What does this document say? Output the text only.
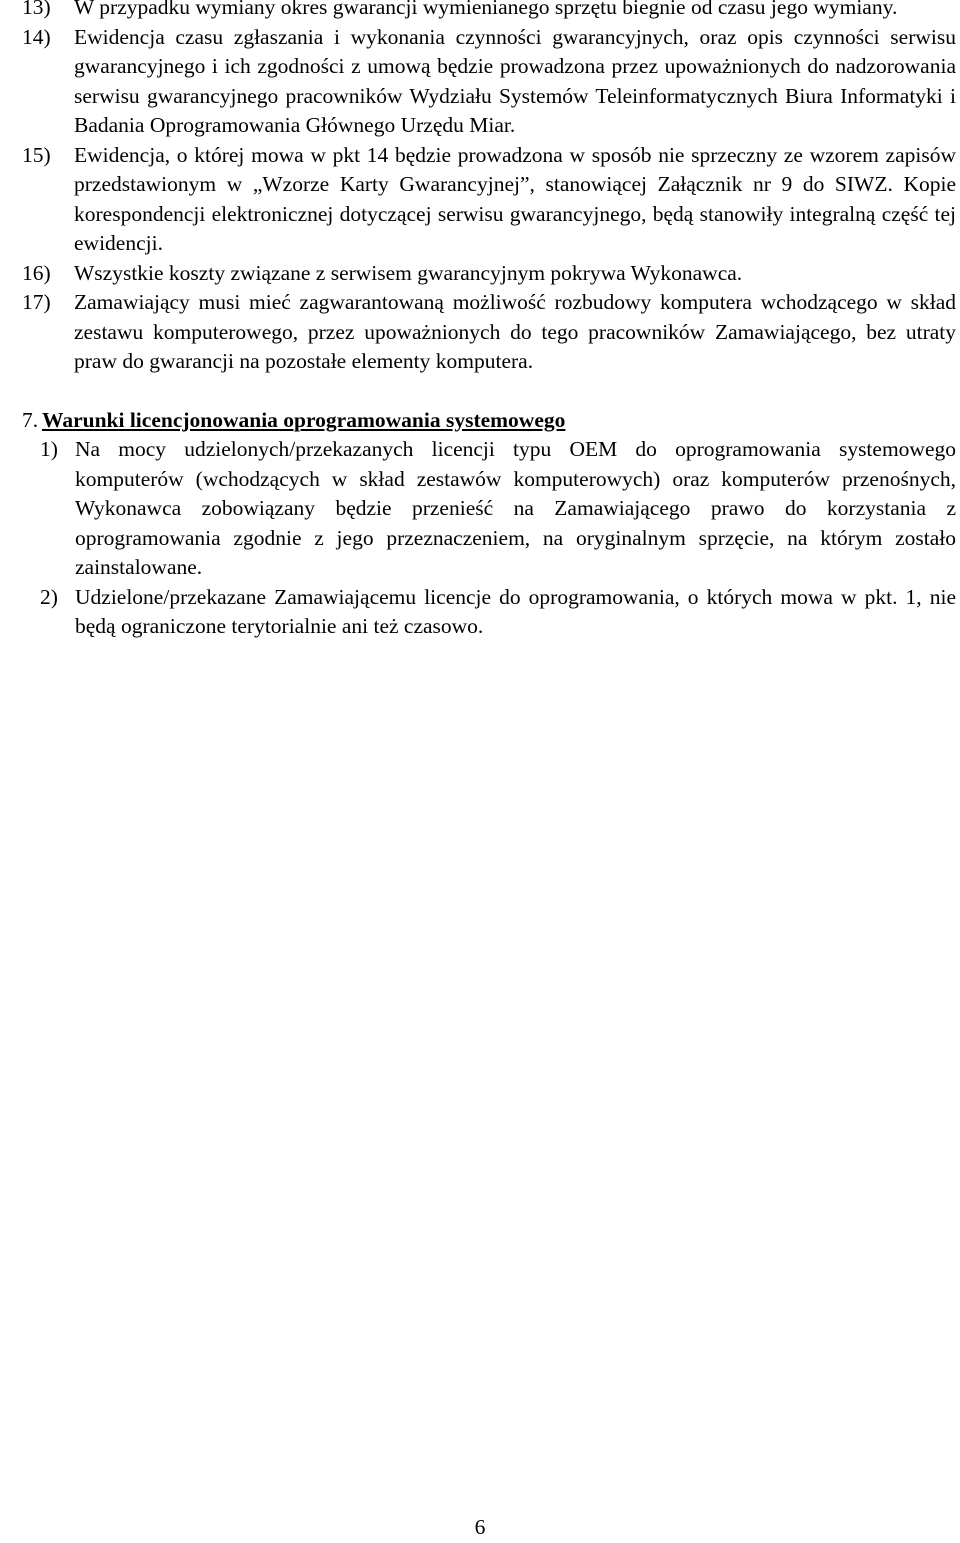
13)	W przypadku wymiany okres gwarancji wymienianego sprzętu biegnie od czasu jego wymiany.
14)	Ewidencja czasu zgłaszania i wykonania czynności gwarancyjnych, oraz opis czynności serwisu gwarancyjnego i ich zgodności z umową będzie prowadzona przez upoważnionych do nadzorowania serwisu gwarancyjnego pracowników Wydziału Systemów Teleinformatycznych Biura Informatyki i Badania Oprogramowania Głównego Urzędu Miar.
15)	Ewidencja, o której mowa w pkt 14 będzie prowadzona w sposób nie sprzeczny ze wzorem zapisów przedstawionym w „Wzorze Karty Gwarancyjnej”, stanowiącej Załącznik nr 9 do SIWZ. Kopie korespondencji elektronicznej dotyczącej serwisu gwarancyjnego, będą stanowiły integralną część tej ewidencji.
16)	Wszystkie koszty związane z serwisem gwarancyjnym pokrywa Wykonawca.
17)	Zamawiający musi mieć zagwarantowaną możliwość rozbudowy komputera wchodzącego w skład zestawu komputerowego, przez upoważnionych do tego pracowników Zamawiającego, bez utraty praw do gwarancji na pozostałe elementy komputera.
7. Warunki licencjonowania oprogramowania systemowego
1) Na mocy udzielonych/przekazanych licencji typu OEM do oprogramowania systemowego komputerów (wchodzących w skład zestawów komputerowych) oraz komputerów przenośnych, Wykonawca zobowiązany będzie przenieść na Zamawiającego prawo do korzystania z oprogramowania zgodnie z jego przeznaczeniem, na oryginalnym sprzęcie, na którym zostało zainstalowane.
2) Udzielone/przekazane Zamawiającemu licencje do oprogramowania, o których mowa w pkt. 1, nie będą ograniczone terytorialnie ani też czasowo.
6
